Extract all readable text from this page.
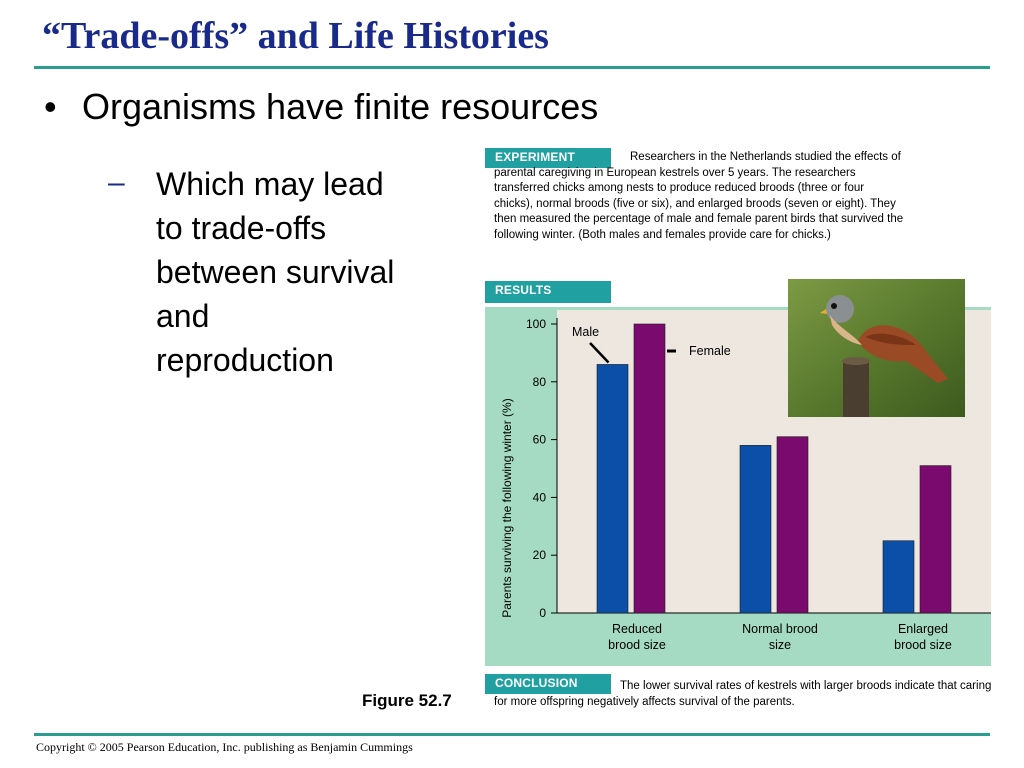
“Trade-offs” and Life Histories
• Organisms have finite resources
– Which may lead to trade-offs between survival and reproduction
EXPERIMENT	Researchers in the Netherlands studied the effects of parental caregiving in European kestrels over 5 years. The researchers transferred chicks among nests to produce reduced broods (three or four chicks), normal broods (five or six), and enlarged broods (seven or eight). They then measured the percentage of male and female parent birds that survived the following winter. (Both males and females provide care for chicks.)
RESULTS
Parents surviving the following winter (%) 0
20
40
60
80
100
Reduced
brood size
Normal brood
size
Enlarged
brood size
Male
Female
CONCLUSION	The lower survival rates of kestrels with larger broods indicate that caring for more offspring negatively affects survival of the parents.
Figure 52.7
Copyright © 2005 Pearson Education, Inc. publishing as Benjamin Cummings
